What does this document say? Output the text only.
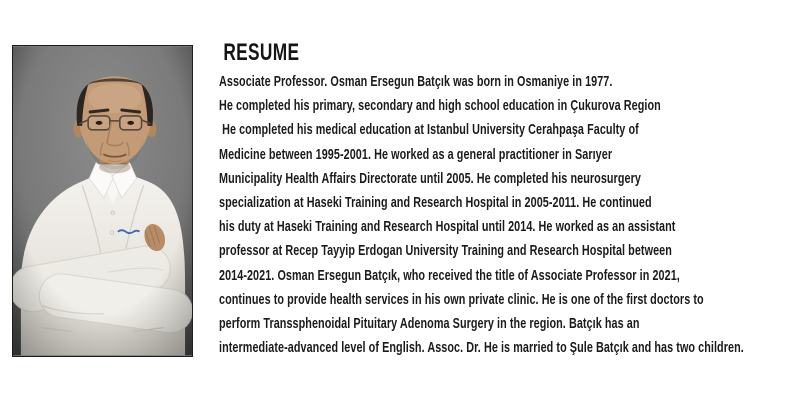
RESUME
Associate Professor. Osman Ersegun Batçık was born in Osmaniye in 1977.
He completed his primary, secondary and high school education in Çukurova Region
He completed his medical education at Istanbul University Cerahpaşa Faculty of
Medicine between 1995-2001. He worked as a general practitioner in Sarıyer
Municipality Health Affairs Directorate until 2005. He completed his neurosurgery
specialization at Haseki Training and Research Hospital in 2005-2011. He continued
his duty at Haseki Training and Research Hospital until 2014. He worked as an assistant
professor at Recep Tayyip Erdogan University Training and Research Hospital between
2014-2021. Osman Ersegun Batçık, who received the title of Associate Professor in 2021,
continues to provide health services in his own private clinic. He is one of the first doctors to
perform Transsphenoidal Pituitary Adenoma Surgery in the region. Batçık has an
intermediate-advanced level of English. Assoc. Dr. He is married to Şule Batçık and has two children.
